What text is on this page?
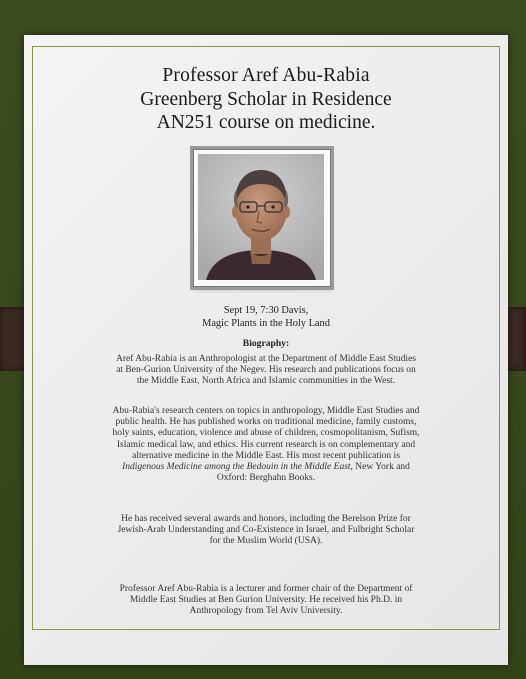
Professor Aref Abu-Rabia
Greenberg Scholar in Residence
AN251 course on medicine.
Sept 19, 7:30 Davis,
Magic Plants in the Holy Land
Biography:
Aref Abu-Rabia is an Anthropologist at the Department of Middle East Studies at Ben-Gurion University of the Negev. His research and publications focus on the Middle East, North Africa and Islamic communities in the West.
Abu-Rabia's research centers on topics in anthropology, Middle East Studies and public health. He has published works on traditional medicine, family customs, holy saints, education, violence and abuse of children, cosmopolitanism, Sufism, Islamic medical law, and ethics. His current research is on complementary and alternative medicine in the Middle East. His most recent publication is Indigenous Medicine among the Bedouin in the Middle East, New York and Oxford: Berghahn Books.
He has received several awards and honors, including the Berelson Prize for Jewish-Arab Understanding and Co-Existence in Israel, and Fulbright Scholar for the Muslim World (USA).
Professor Aref Abu-Rabia is a lecturer and former chair of the Department of Middle East Studies at Ben Gurion University. He received his Ph.D. in Anthropology from Tel Aviv University.
